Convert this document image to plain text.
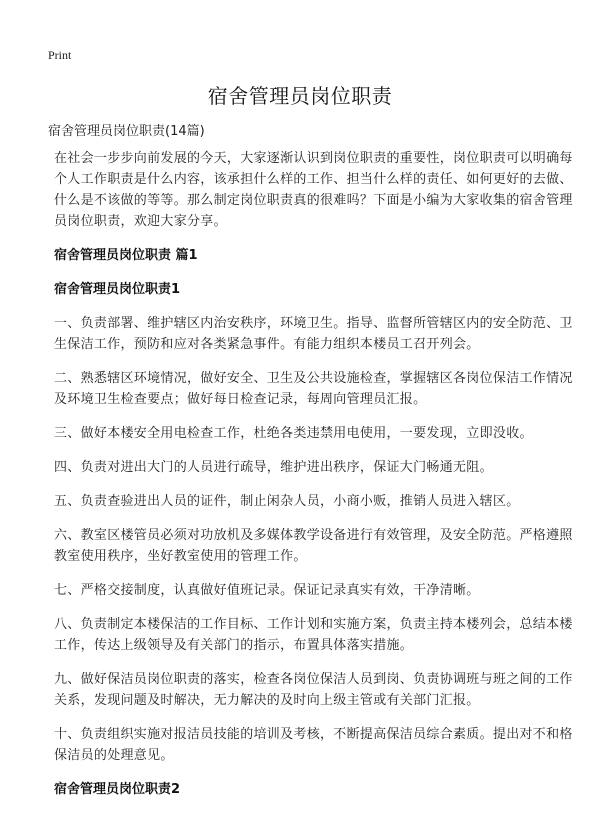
Print
宿舍管理员岗位职责
宿舍管理员岗位职责(14篇)

在社会一步步向前发展的今天，大家逐渐认识到岗位职责的重要性，岗位职责可以明确每个人工作职责是什么内容，该承担什么样的工作、担当什么样的责任、如何更好的去做、什么是不该做的等等。那么制定岗位职责真的很难吗？下面是小编为大家收集的宿舍管理员岗位职责，欢迎大家分享。

宿舍管理员岗位职责 篇1

宿舍管理员岗位职责1

一、负责部署、维护辖区内治安秩序，环境卫生。指导、监督所管辖区内的安全防范、卫生保洁工作，预防和应对各类紧急事件。有能力组织本楼员工召开列会。

二、熟悉辖区环境情况，做好安全、卫生及公共设施检查，掌握辖区各岗位保洁工作情况及环境卫生检查要点；做好每日检查记录，每周向管理员汇报。

三、做好本楼安全用电检查工作，杜绝各类违禁用电使用，一要发现，立即没收。

四、负责对进出大门的人员进行疏导，维护进出秩序，保证大门畅通无阻。

五、负责查验进出人员的证件，制止闲杂人员，小商小贩，推销人员进入辖区。

六、教室区楼管员必须对功放机及多媒体教学设备进行有效管理，及安全防范。严格遵照教室使用秩序，坐好教室使用的管理工作。

七、严格交接制度，认真做好值班记录。保证记录真实有效，干净清晰。

八、负责制定本楼保洁的工作目标、工作计划和实施方案，负责主持本楼列会，总结本楼工作，传达上级领导及有关部门的指示，布置具体落实措施。

九、做好保洁员岗位职责的落实，检查各岗位保洁人员到岗、负责协调班与班之间的工作关系，发现问题及时解决，无力解决的及时向上级主管或有关部门汇报。

十、负责组织实施对报洁员技能的培训及考核，不断提高保洁员综合素质。提出对不和格保洁员的处理意见。

宿舍管理员岗位职责2
